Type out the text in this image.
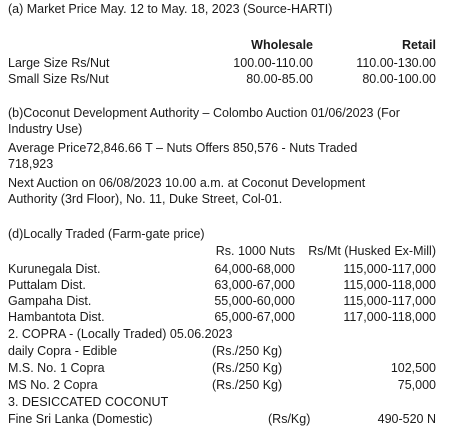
(a) Market Price May. 12 to May. 18, 2023 (Source-HARTI)
Wholesale	Retail
Large Size Rs/Nut	100.00-110.00	110.00-130.00
Small Size Rs/Nut	80.00-85.00	80.00-100.00
(b)Coconut Development Authority – Colombo Auction 01/06/2023 (For
Industry Use)
Average Price72,846.66 T – Nuts Offers 850,576 - Nuts Traded
718,923
Next Auction on 06/08/2023 10.00 a.m. at Coconut Development
Authority (3rd Floor), No. 11, Duke Street, Col-01.
(d)Locally Traded (Farm-gate price)
Rs. 1000 Nuts Rs/Mt (Husked Ex-Mill)
Kurunegala Dist.	64,000-68,000	115,000-117,000
Puttalam Dist.	63,000-67,000	115,000-118,000
Gampaha Dist.	55,000-60,000	115,000-117,000
Hambantota Dist.	65,000-67,000	117,000-118,000
2. COPRA - (Locally Traded) 05.06.2023
daily Copra - Edible	(Rs./250 Kg)
M.S. No. 1 Copra	(Rs./250 Kg)	102,500
MS No. 2 Copra	(Rs./250 Kg)	75,000
3. DESICCATED COCONUT
Fine Sri Lanka (Domestic)	(Rs/Kg)	490-520 N
